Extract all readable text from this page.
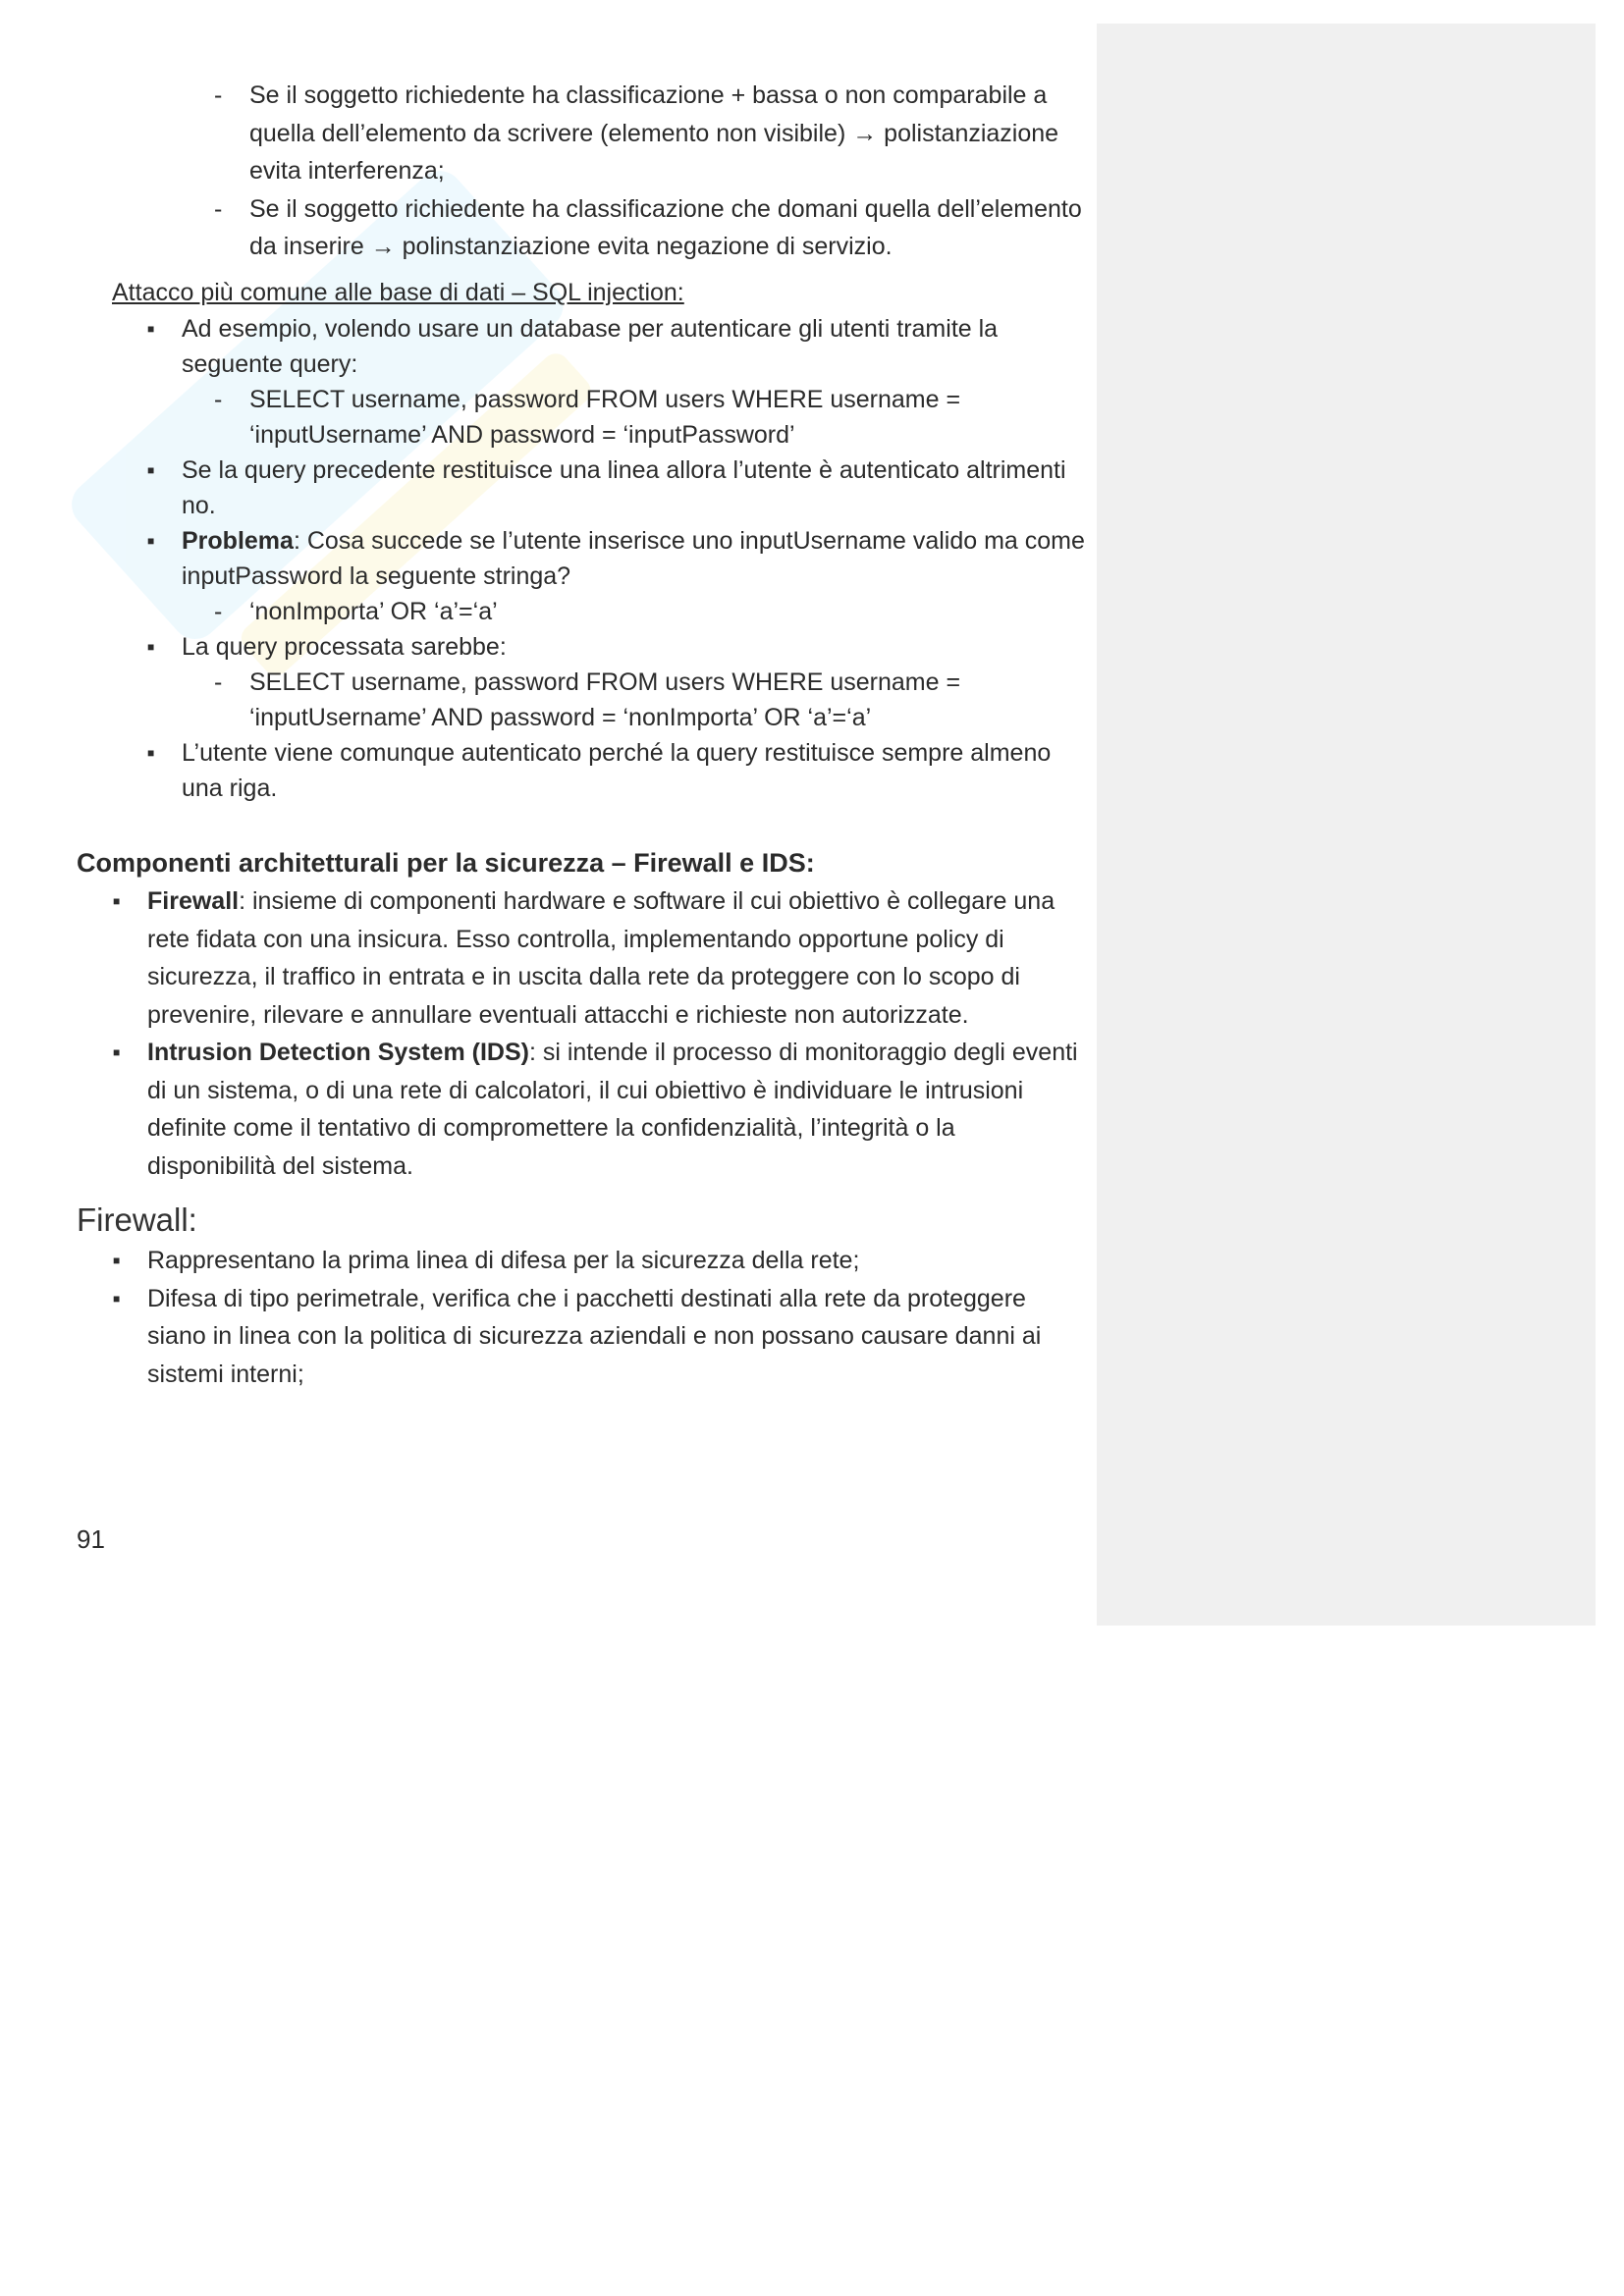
- Se il soggetto richiedente ha classificazione + bassa o non comparabile a quella dell’elemento da scrivere (elemento non visibile) → polistanziazione evita interferenza;
- Se il soggetto richiedente ha classificazione che domani quella dell’elemento da inserire → polinstanziazione evita negazione di servizio.
Attacco più comune alle base di dati – SQL injection:
■ Ad esempio, volendo usare un database per autenticare gli utenti tramite la seguente query:
- SELECT username, password FROM users WHERE username =
‘inputUsername’ AND password = ‘inputPassword’
■ Se la query precedente restituisce una linea allora l’utente è autenticato altrimenti no.
■ Problema: Cosa succede se l’utente inserisce uno inputUsername valido ma come inputPassword la seguente stringa?
- ‘nonImporta’ OR ‘a’=‘a’
■ La query processata sarebbe:
- SELECT username, password FROM users WHERE username =
‘inputUsername’ AND password = ‘nonImporta’ OR ‘a’=‘a’
■ L’utente viene comunque autenticato perché la query restituisce sempre almeno una riga.
Componenti architetturali per la sicurezza – Firewall e IDS:
■ Firewall: insieme di componenti hardware e software il cui obiettivo è collegare una rete fidata con una insicura. Esso controlla, implementando opportune policy di sicurezza, il traffico in entrata e in uscita dalla rete da proteggere con lo scopo di prevenire, rilevare e annullare eventuali attacchi e richieste non autorizzate.
■ Intrusion Detection System (IDS): si intende il processo di monitoraggio degli eventi di un sistema, o di una rete di calcolatori, il cui obiettivo è individuare le intrusioni definite come il tentativo di compromettere la confidenzialità, l’integrità o la disponibilità del sistema.
Firewall:
■ Rappresentano la prima linea di difesa per la sicurezza della rete;
■ Difesa di tipo perimetrale, verifica che i pacchetti destinati alla rete da proteggere siano in linea con la politica di sicurezza aziendali e non possano causare danni ai sistemi interni;
91
